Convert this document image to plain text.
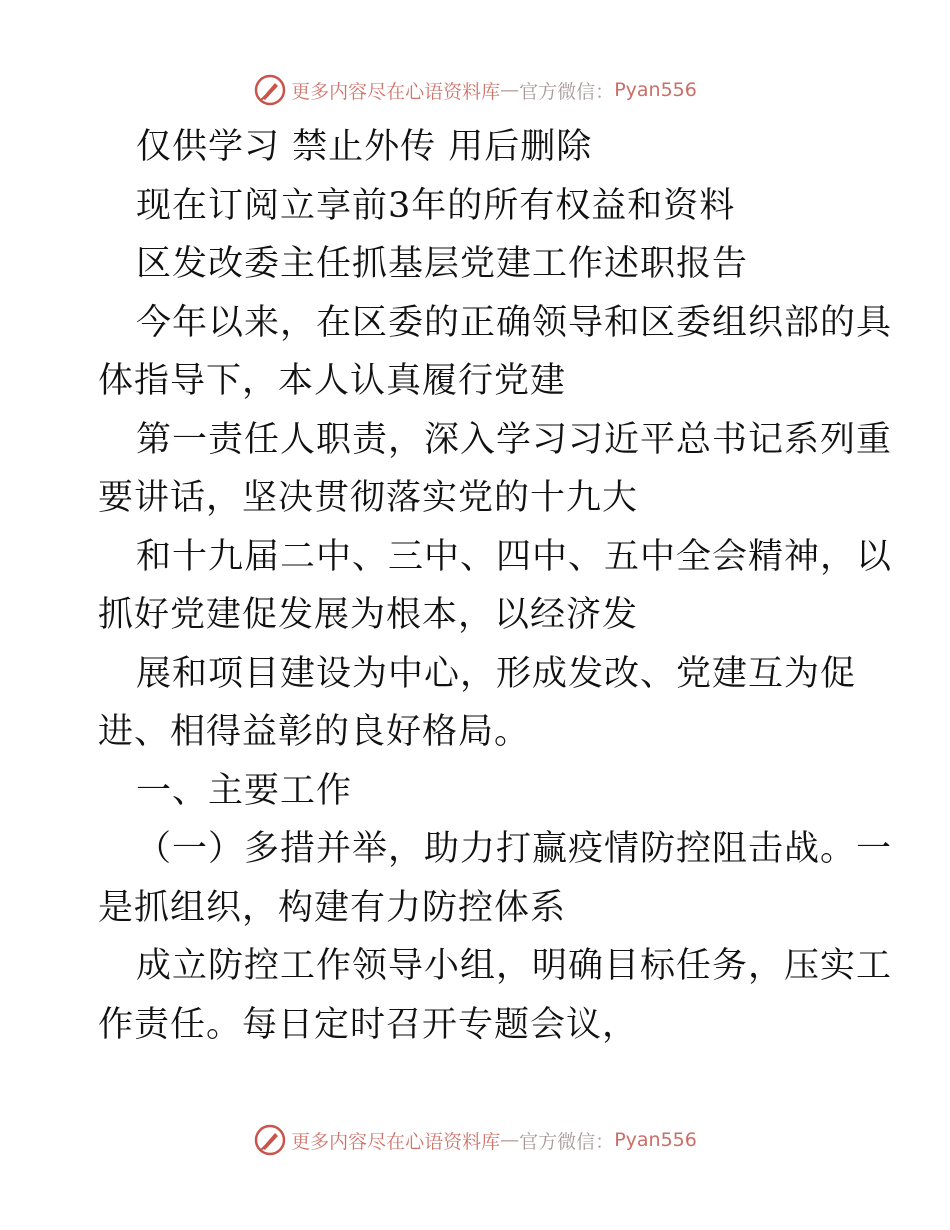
更多内容尽在心语资料库 — 官方微信： Pyan556
仅供学习 禁止外传 用后删除
现在订阅立享前3年的所有权益和资料
区发改委主任抓基层党建工作述职报告
今年以来，在区委的正确领导和区委组织部的具
体指导下，本人认真履行党建
第一责任人职责，深入学习习近平总书记系列重
要讲话，坚决贯彻落实党的十九大
和十九届二中、三中、四中、五中全会精神，以
抓好党建促发展为根本，以经济发
展和项目建设为中心，形成发改、党建互为促
进、相得益彰的良好格局。
一、主要工作
（一）多措并举，助力打赢疫情防控阻击战。一
是抓组织，构建有力防控体系
成立防控工作领导小组，明确目标任务，压实工
作责任。每日定时召开专题会议，
更多内容尽在心语资料库 — 官方微信： Pyan556
